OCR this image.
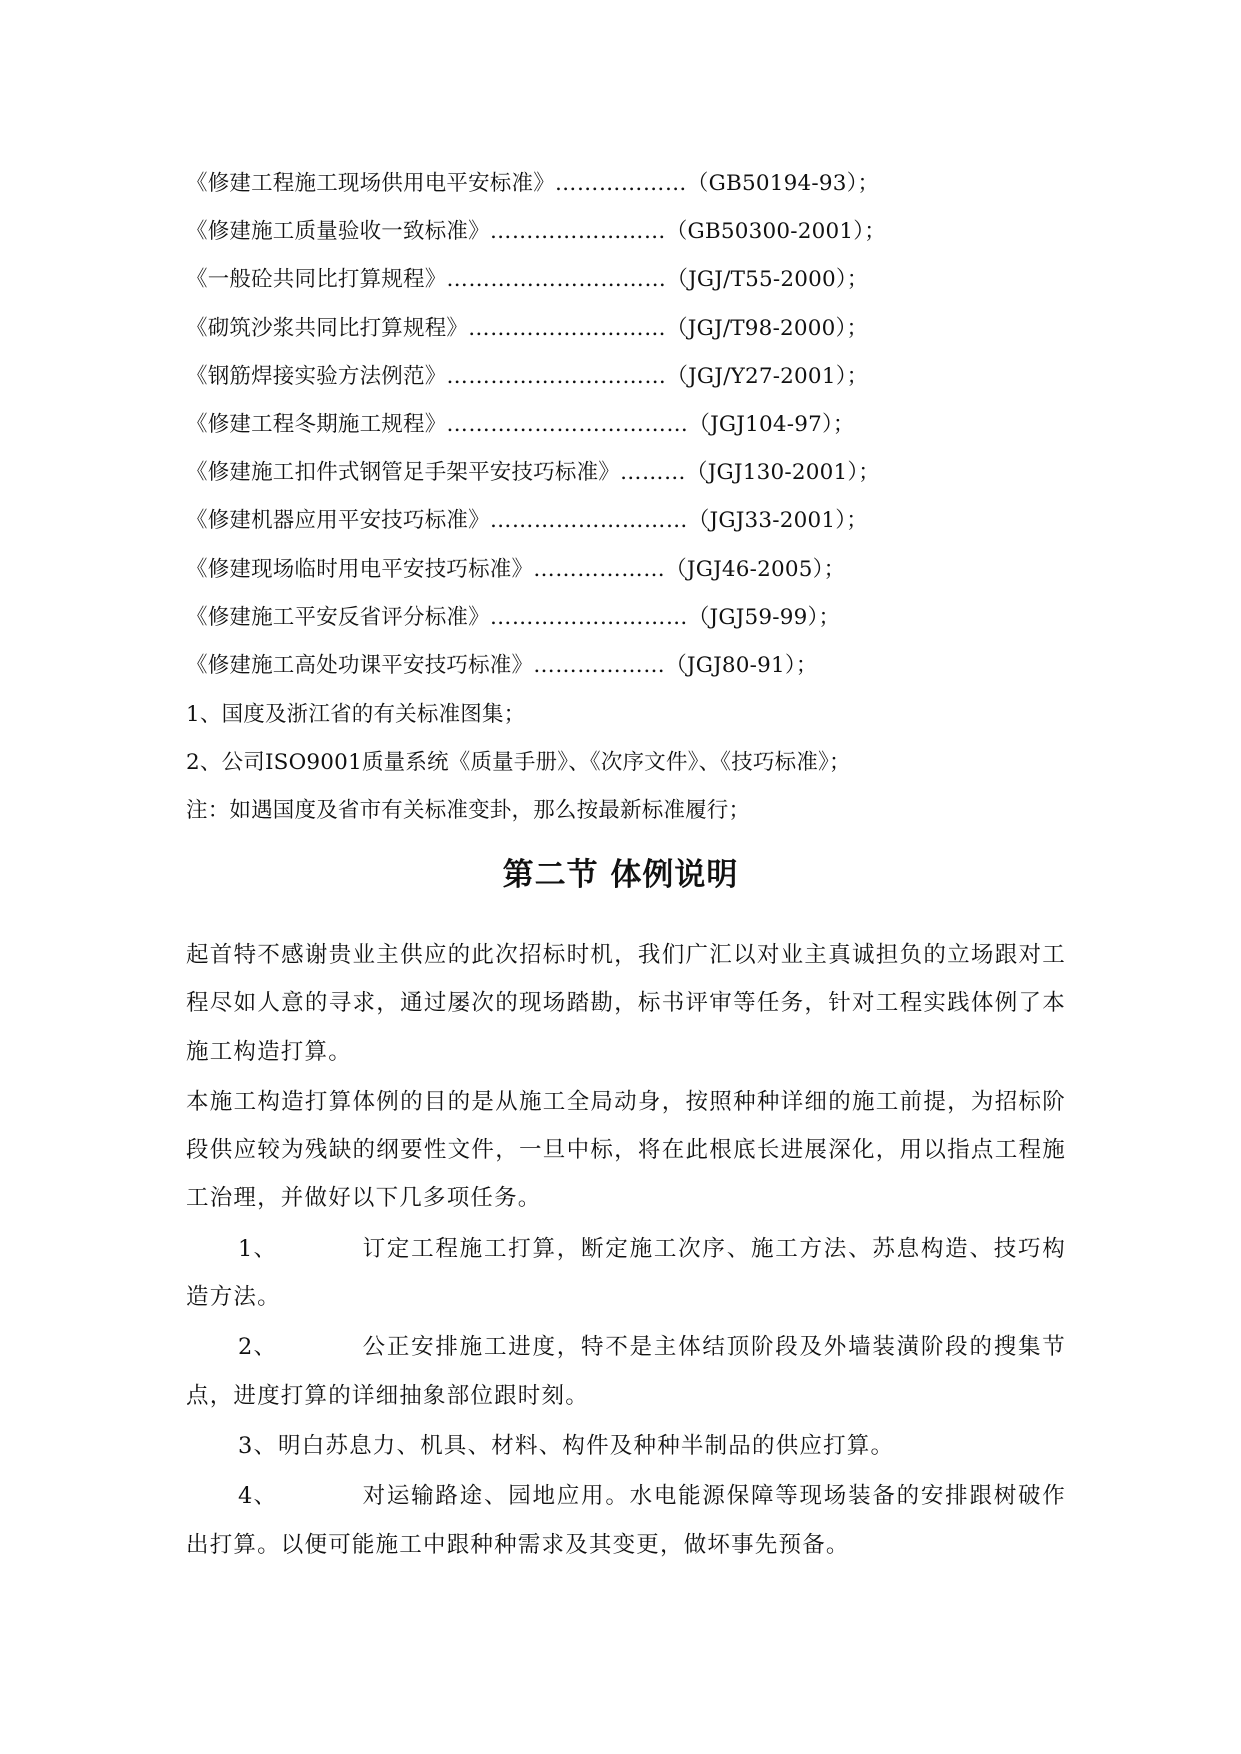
《修建工程施工现场供用电平安标准》………………（GB50194-93）；
《修建施工质量验收一致标准》……………………（GB50300-2001）；
《一般砼共同比打算规程》…………………………（JGJ/T55-2000）；
《砌筑沙浆共同比打算规程》………………………（JGJ/T98-2000）；
《钢筋焊接实验方法例范》…………………………（JGJ/Y27-2001）；
《修建工程冬期施工规程》……………………………（JGJ104-97）；
《修建施工扣件式钢管足手架平安技巧标准》………（JGJ130-2001）；
《修建机器应用平安技巧标准》………………………（JGJ33-2001）；
《修建现场临时用电平安技巧标准》………………（JGJ46-2005）；
《修建施工平安反省评分标准》………………………（JGJ59-99）；
《修建施工高处功课平安技巧标准》………………（JGJ80-91）；
1、国度及浙江省的有关标准图集；
2、公司ISO9001质量系统《质量手册》、《次序文件》、《技巧标准》；
注：如遇国度及省市有关标准变卦，那么按最新标准履行；
第二节 体例说明

起首特不感谢贵业主供应的此次招标时机，我们广汇以对业主真诚担负的立场跟对工程尽如人意的寻求，通过屡次的现场踏勘，标书评审等任务，针对工程实践体例了本施工构造打算。

本施工构造打算体例的目的是从施工全局动身，按照种种详细的施工前提，为招标阶段供应较为残缺的纲要性文件，一旦中标，将在此根底长进展深化，用以指点工程施工治理，并做好以下几多项任务。

1、	订定工程施工打算，断定施工次序、施工方法、苏息构造、技巧构造方法。

2、	公正安排施工进度，特不是主体结顶阶段及外墙装潢阶段的搜集节点，进度打算的详细抽象部位跟时刻。

3、明白苏息力、机具、材料、构件及种种半制品的供应打算。

4、	对运输路途、园地应用。水电能源保障等现场装备的安排跟树破作出打算。以便可能施工中跟种种需求及其变更，做坏事先预备。
